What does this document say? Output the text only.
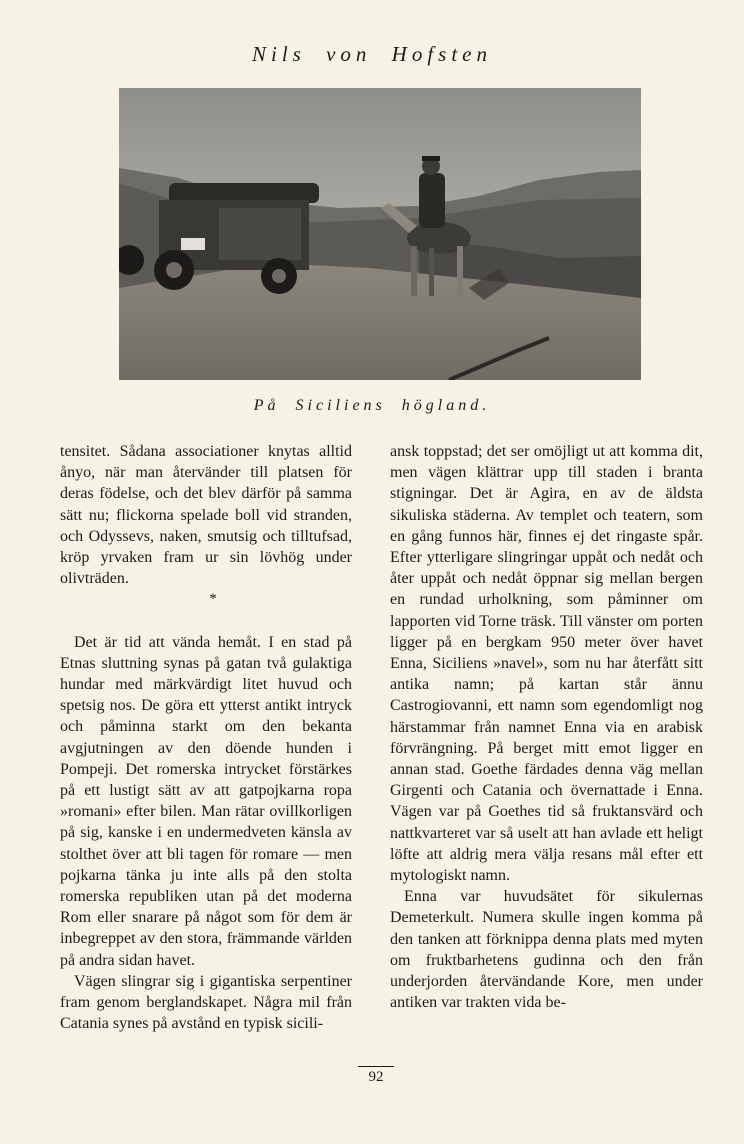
Nils von Hofsten
På Siciliens högland.

tensitet. Sådana associationer knytas alltid ånyo, när man återvänder till platsen för deras födelse, och det blev därför på samma sätt nu; flickorna spelade boll vid stranden, och Odyssevs, naken, smutsig och tilltufsad, kröp yrvaken fram ur sin lövhög under olivträden.

*

Det är tid att vända hemåt. I en stad på Etnas sluttning synas på gatan två gulaktiga hundar med märkvärdigt litet huvud och spetsig nos. De göra ett ytterst antikt intryck och påminna starkt om den bekanta avgjutningen av den döende hunden i Pompeji. Det romerska intrycket förstärkes på ett lustigt sätt av att gatpojkarna ropa »romani» efter bilen. Man rätar ovillkorligen på sig, kanske i en undermedveten känsla av stolthet över att bli tagen för romare — men pojkarna tänka ju inte alls på den stolta romerska republiken utan på det moderna Rom eller snarare på något som för dem är inbegreppet av den stora, främmande världen på andra sidan havet.

Vägen slingrar sig i gigantiska serpentiner fram genom berglandskapet. Några mil från Catania synes på avstånd en typisk sicili-

ansk toppstad; det ser omöjligt ut att komma dit, men vägen klättrar upp till staden i branta stigningar. Det är Agira, en av de äldsta sikuliska städerna. Av templet och teatern, som en gång funnos här, finnes ej det ringaste spår. Efter ytterligare slingringar uppåt och nedåt och åter uppåt och nedåt öppnar sig mellan bergen en rundad urholkning, som påminner om lapporten vid Torne träsk. Till vänster om porten ligger på en bergkam 950 meter över havet Enna, Siciliens »navel», som nu har återfått sitt antika namn; på kartan står ännu Castrogiovanni, ett namn som egendomligt nog härstammar från namnet Enna via en arabisk förvrängning. På berget mitt emot ligger en annan stad. Goethe färdades denna väg mellan Girgenti och Catania och övernattade i Enna. Vägen var på Goethes tid så fruktansvärd och nattkvarteret var så uselt att han avlade ett heligt löfte att aldrig mera välja resans mål efter ett mytologiskt namn.

Enna var huvudsätet för sikulernas Demeterkult. Numera skulle ingen komma på den tanken att förknippa denna plats med myten om fruktbarhetens gudinna och den från underjorden återvändande Kore, men under antiken var trakten vida be-

92
